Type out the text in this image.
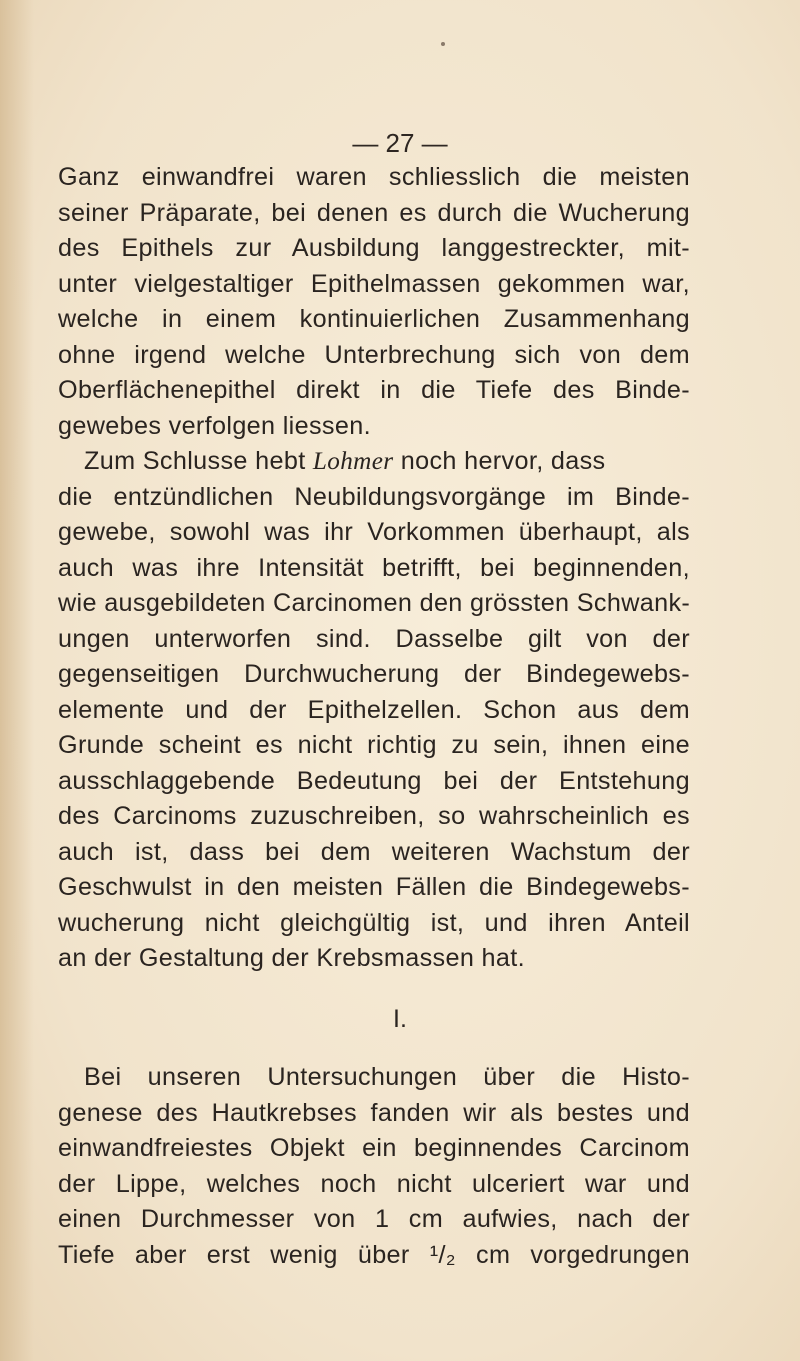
— 27 —
Ganz einwandfrei waren schliesslich die meisten
seiner Präparate, bei denen es durch die Wucherung
des Epithels zur Ausbildung langgestreckter, mit-
unter vielgestaltiger Epithelmassen gekommen war,
welche in einem kontinuierlichen Zusammenhang
ohne irgend welche Unterbrechung sich von dem
Oberflächenepithel direkt in die Tiefe des Binde-
gewebes verfolgen liessen.
Zum Schlusse hebt Lohmer noch hervor, dass
die entzündlichen Neubildungsvorgänge im Binde-
gewebe, sowohl was ihr Vorkommen überhaupt, als
auch was ihre Intensität betrifft, bei beginnenden,
wie ausgebildeten Carcinomen den grössten Schwank-
ungen unterworfen sind. Dasselbe gilt von der
gegenseitigen Durchwucherung der Bindegewebs-
elemente und der Epithelzellen. Schon aus dem
Grunde scheint es nicht richtig zu sein, ihnen eine
ausschlaggebende Bedeutung bei der Entstehung
des Carcinoms zuzuschreiben, so wahrscheinlich es
auch ist, dass bei dem weiteren Wachstum der
Geschwulst in den meisten Fällen die Bindegewebs-
wucherung nicht gleichgültig ist, und ihren Anteil
an der Gestaltung der Krebsmassen hat.
I.
Bei unseren Untersuchungen über die Histo-
genese des Hautkrebses fanden wir als bestes und
einwandfreiestes Objekt ein beginnendes Carcinom
der Lippe, welches noch nicht ulceriert war und
einen Durchmesser von 1 cm aufwies, nach der
Tiefe aber erst wenig über ¹/₂ cm vorgedrungen
